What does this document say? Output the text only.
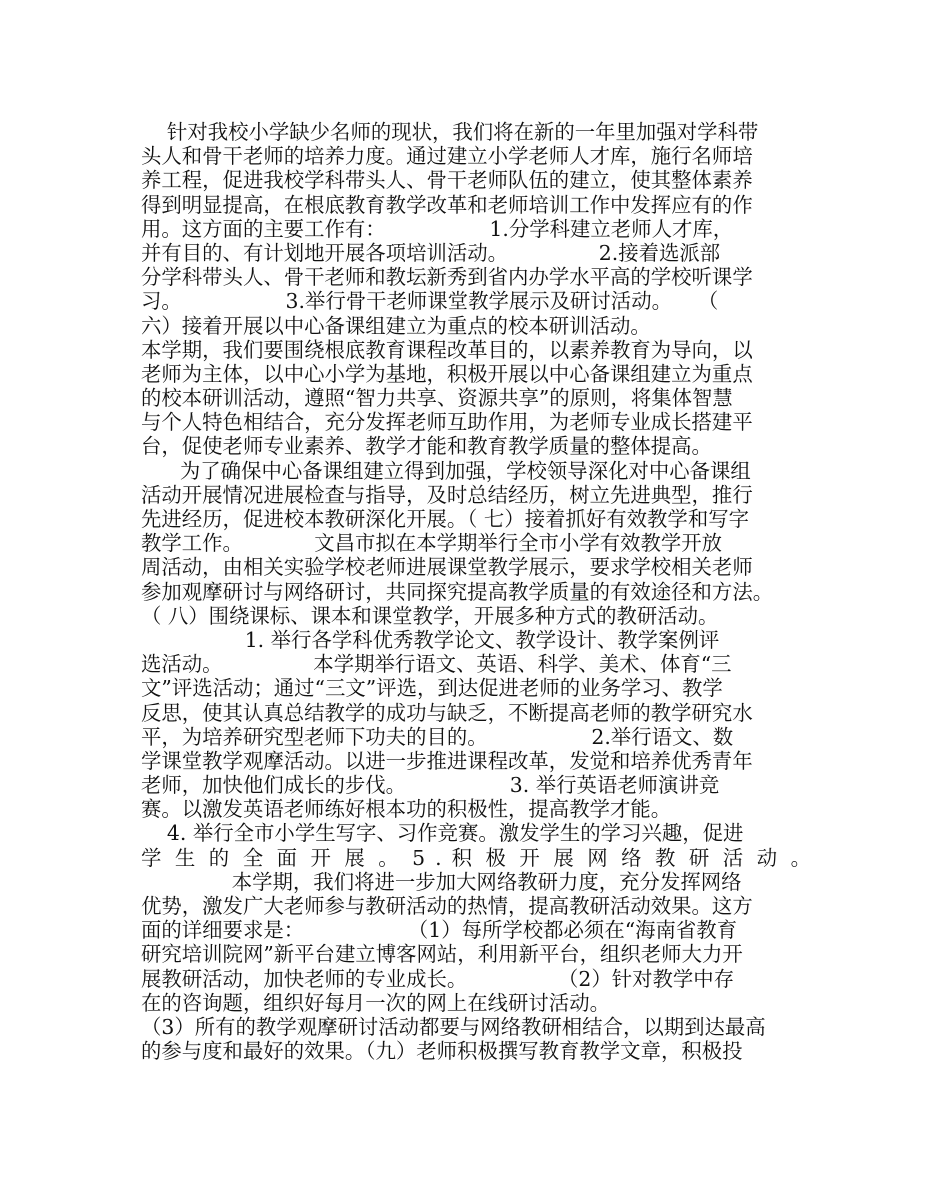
针对我校小学缺少名师的现状，我们将在新的一年里加强对学科带
头人和骨干老师的培养力度。通过建立小学老师人才库，施行名师培
养工程，促进我校学科带头人、骨干老师队伍的建立，使其整体素养
得到明显提高，在根底教育教学改革和老师培训工作中发挥应有的作
用。这方面的主要工作有：                1.分学科建立老师人才库，
并有目的、有计划地开展各项培训活动。              2.接着选派部
分学科带头人、骨干老师和教坛新秀到省内办学水平高的学校听课学
习。                3.举行骨干老师课堂教学展示及研讨活动。    （
六）接着开展以中心备课组建立为重点的校本研训活动。
本学期，我们要围绕根底教育课程改革目的，以素养教育为导向，以
老师为主体，以中心小学为基地，积极开展以中心备课组建立为重点
的校本研训活动，遵照“智力共享、资源共享”的原则，将集体智慧
与个人特色相结合，充分发挥老师互助作用，为老师专业成长搭建平
台，促使老师专业素养、教学才能和教育教学质量的整体提高。
为了确保中心备课组建立得到加强，学校领导深化对中心备课组
活动开展情况进展检查与指导，及时总结经历，树立先进典型，推行
先进经历，促进校本教研深化开展。（ 七）接着抓好有效教学和写字
教学工作。           文昌市拟在本学期举行全市小学有效教学开放
周活动，由相关实验学校老师进展课堂教学展示，要求学校相关老师
参加观摩研讨与网络研讨，共同探究提高教学质量的有效途径和方法。
（ 八）围绕课标、课本和课堂教学，开展多种方式的教研活动。
1. 举行各学科优秀教学论文、教学设计、教学案例评
选活动。              本学期举行语文、英语、科学、美术、体育“三
文”评选活动；通过“三文”评选，到达促进老师的业务学习、教学
反思，使其认真总结教学的成功与缺乏，不断提高老师的教学研究水
平，为培养研究型老师下功夫的目的。                2.举行语文、数
学课堂教学观摩活动。以进一步推进课程改革，发觉和培养优秀青年
老师，加快他们成长的步伐。                3. 举行英语老师演讲竞
赛。以激发英语老师练好根本功的积极性，提高教学才能。
4. 举行全市小学生写字、习作竞赛。激发学生的学习兴趣，促进
学 生 的 全 面 开 展 。 5 . 积 极 开 展 网 络 教 研 活 动 。
本学期，我们将进一步加大网络教研力度，充分发挥网络
优势，激发广大老师参与教研活动的热情，提高教研活动效果。这方
面的详细要求是：                （1）每所学校都必须在“海南省教育
研究培训院网”新平台建立博客网站，利用新平台，组织老师大力开
展教研活动，加快老师的专业成长。              （2）针对教学中存
在的咨询题，组织好每月一次的网上在线研讨活动。
（3）所有的教学观摩研讨活动都要与网络教研相结合，以期到达最高
的参与度和最好的效果。（九）老师积极撰写教育教学文章，积极投
